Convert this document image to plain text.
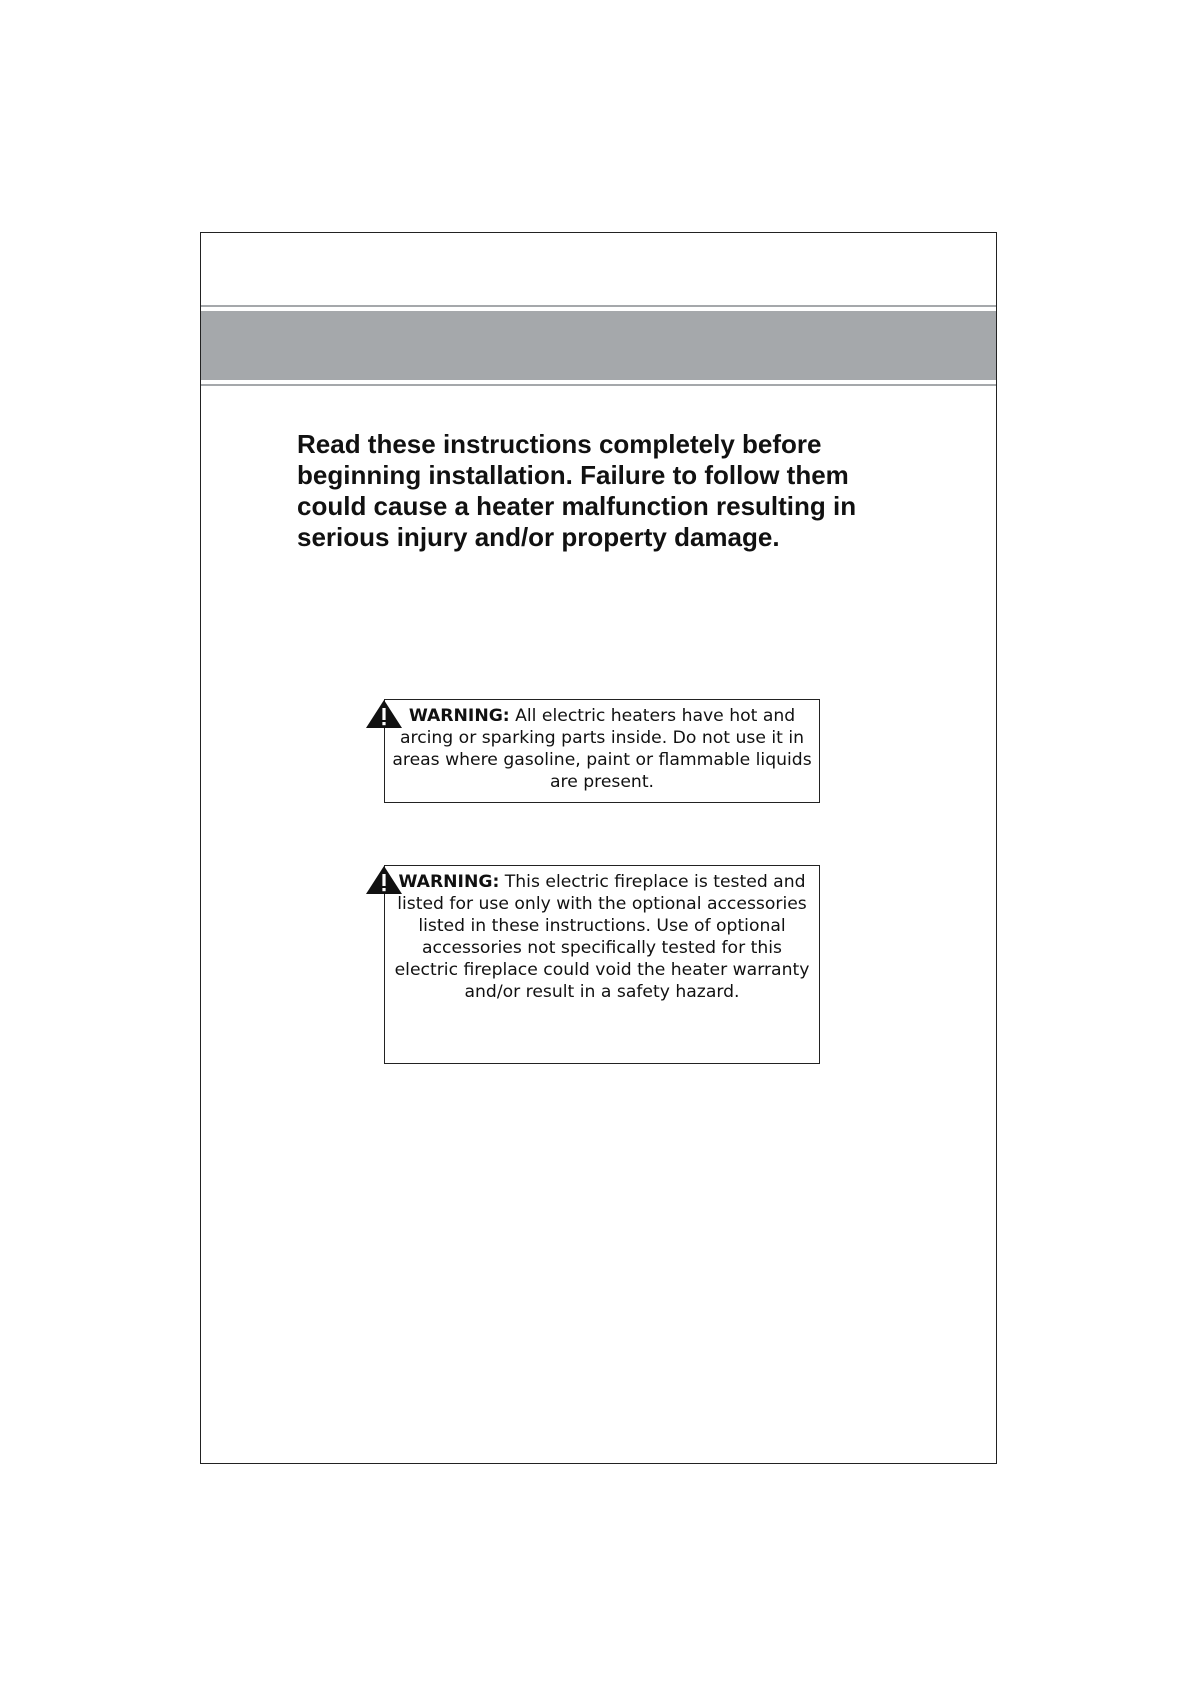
Read these instructions completely before beginning installation. Failure to follow them could cause a heater malfunction resulting in serious injury and/or property damage.

WARNING: All electric heaters have hot and arcing or sparking parts inside. Do not use it in areas where gasoline, paint or flammable liquids are present.
WARNING: This electric fireplace is tested and listed for use only with the optional accessories listed in these instructions. Use of optional accessories not specifically tested for this electric fireplace could void the heater warranty and/or result in a safety hazard.
